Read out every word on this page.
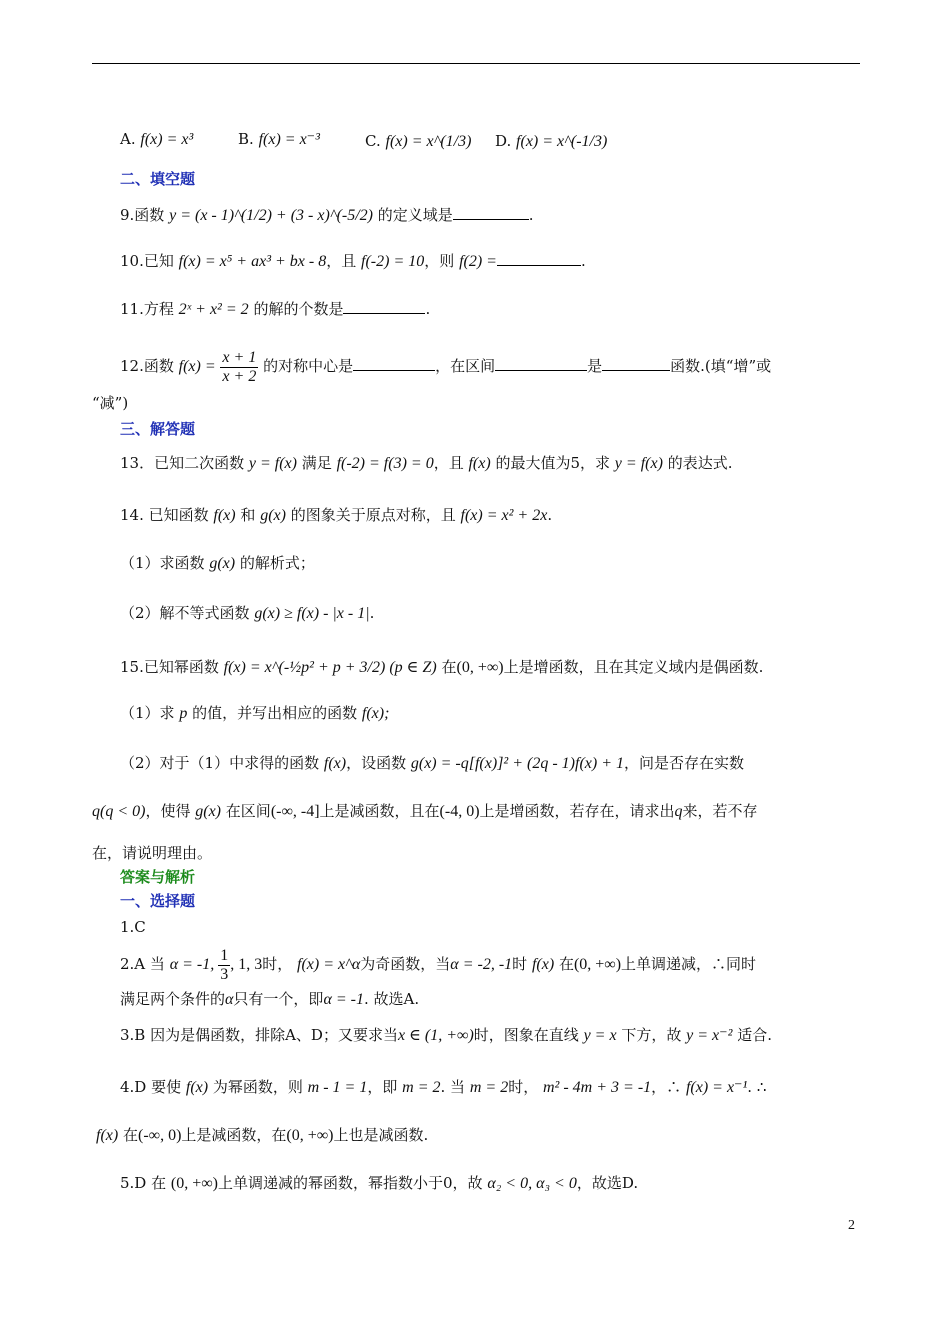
A. f(x) = x³	B. f(x) = x⁻³	C. f(x) = x^(1/3) D. f(x) = x^(-1/3)
二、填空题
9.函数 y = (x - 1)^(1/2) + (3 - x)^(-5/2) 的定义域是	.
10.已知 f(x) = x⁵ + ax³ + bx - 8，且 f(-2) = 10，则 f(2) =	.
11.方程 2ˣ + x² = 2 的解的个数是	.
12.函数 $f(x) = \frac{x + 1}{x + 2}$ 的对称中心是	，在区间	是	函数.(填“增”或
“减”)
三、解答题
13．已知二次函数 y = f(x) 满足 f(-2) = f(3) = 0，且 f(x) 的最大值为5，求 y = f(x) 的表达式.
14. 已知函数 f(x) 和 g(x) 的图象关于原点对称，且 f(x) = x² + 2x.
（1）求函数 g(x) 的解析式；
（2）解不等式函数 g(x) ≥ f(x) - |x - 1|.
15.已知幂函数 f(x) = x^(-½p² + p + 3/2) (p ∈ Z) 在(0, +∞)上是增函数，且在其定义域内是偶函数.
（1）求 p 的值，并写出相应的函数 f(x);
（2）对于（1）中求得的函数 f(x)，设函数 g(x) = -q[f(x)]² + (2q - 1)f(x) + 1，问是否存在实数
q(q < 0)，使得 g(x) 在区间(-∞, -4]上是减函数，且在(-4, 0)上是增函数，若存在，请求出q来，若不存
在，请说明理由。
答案与解析
一、选择题
1.C
2.A 当 α = -1, $\frac{1}{3}$ , 1, 3时， f(x) = x^α为奇函数，当α = -2, -1时 f(x) 在(0, +∞)上单调递减，∴同时
满足两个条件的α只有一个，即α = -1. 故选A.
3.B 因为是偶函数，排除A、D；又要求当x ∈ (1, +∞)时，图象在直线 y = x 下方，故 y = x⁻² 适合.
4.D 要使 f(x) 为幂函数，则 m - 1 = 1，即 m = 2. 当 m = 2时， m² - 4m + 3 = -1，∴ f(x) = x⁻¹. ∴
f(x) 在(-∞, 0)上是减函数，在(0, +∞)上也是减函数.
5.D 在 (0, +∞)上单调递减的幂函数，幂指数小于0，故 α₂ < 0, α₃ < 0，故选D.
2
